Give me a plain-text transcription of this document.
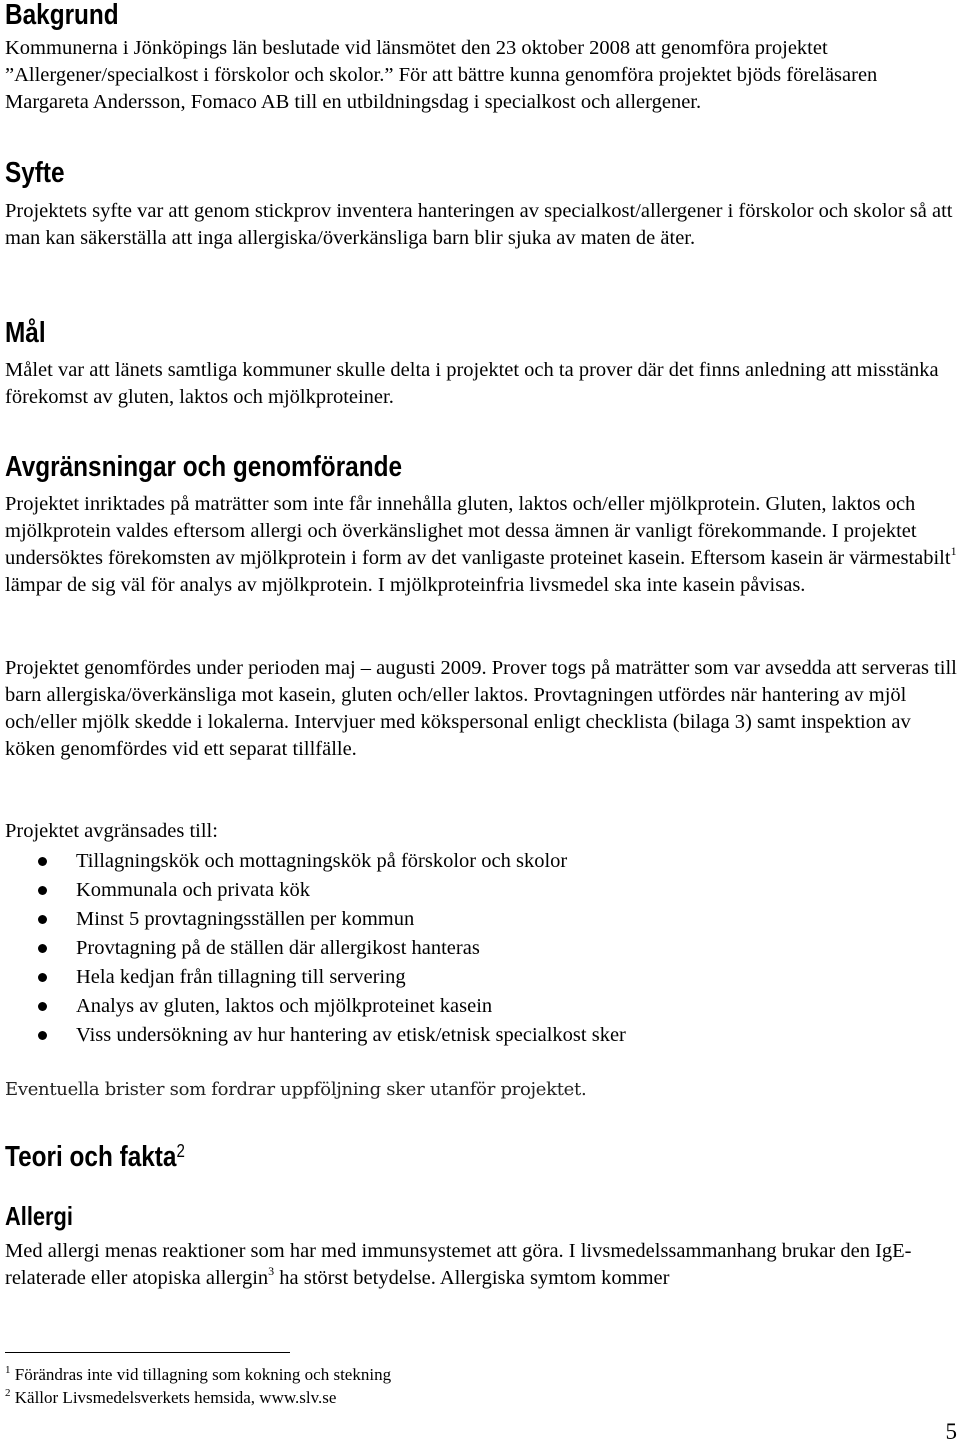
Bakgrund

Kommunerna i Jönköpings län beslutade vid länsmötet den 23 oktober 2008 att genomföra projektet ”Allergener/specialkost i förskolor och skolor.” För att bättre kunna genomföra projektet bjöds föreläsaren Margareta Andersson, Fomaco AB till en utbildningsdag i specialkost och allergener.

Syfte

Projektets syfte var att genom stickprov inventera hanteringen av specialkost/allergener i förskolor och skolor så att man kan säkerställa att inga allergiska/överkänsliga barn blir sjuka av maten de äter.

Mål

Målet var att länets samtliga kommuner skulle delta i projektet och ta prover där det finns anledning att misstänka förekomst av gluten, laktos och mjölkproteiner.

Avgränsningar och genomförande

Projektet inriktades på maträtter som inte får innehålla gluten, laktos och/eller mjölkprotein. Gluten, laktos och mjölkprotein valdes eftersom allergi och överkänslighet mot dessa ämnen är vanligt förekommande. I projektet undersöktes förekomsten av mjölkprotein i form av det vanligaste proteinet kasein. Eftersom kasein är värmestabilt$^1$ lämpar de sig väl för analys av mjölkprotein. I mjölkproteinfria livsmedel ska inte kasein påvisas.

Projektet genomfördes under perioden maj – augusti 2009. Prover togs på maträtter som var avsedda att serveras till barn allergiska/överkänsliga mot kasein, gluten och/eller laktos. Provtagningen utfördes när hantering av mjöl och/eller mjölk skedde i lokalerna. Intervjuer med kökspersonal enligt checklista (bilaga 3) samt inspektion av köken genomfördes vid ett separat tillfälle.

Projektet avgränsades till:

Tillagningskök och mottagningskök på förskolor och skolor
Kommunala och privata kök
Minst 5 provtagningsställen per kommun
Provtagning på de ställen där allergikost hanteras
Hela kedjan från tillagning till servering
Analys av gluten, laktos och mjölkproteinet kasein
Viss undersökning av hur hantering av etisk/etnisk specialkost sker

Eventuella brister som fordrar uppföljning sker utanför projektet.

Teori och fakta$^2$
Allergi

Med allergi menas reaktioner som har med immunsystemet att göra. I livsmedelssammanhang brukar den IgE-relaterade eller atopiska allergin$^3$ ha störst betydelse. Allergiska symtom kommer

$^1$ Förändras inte vid tillagning som kokning och stekning

$^2$ Källor Livsmedelsverkets hemsida, www.slv.se

5
